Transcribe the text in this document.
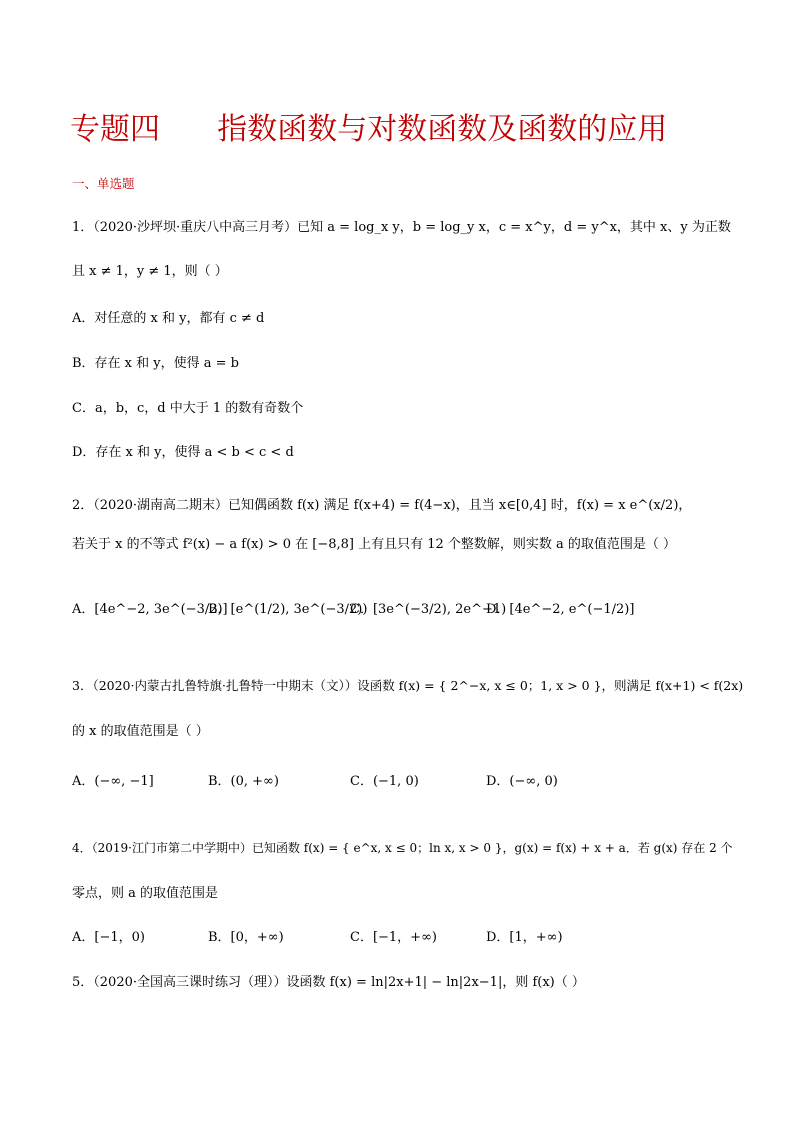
专题四      指数函数与对数函数及函数的应用
一、单选题
1．（2020·沙坪坝·重庆八中高三月考）已知 a = log_x y，b = log_y x，c = x^y，d = y^x，其中 x、y 为正数
且 x ≠ 1，y ≠ 1，则（ ）
A．对任意的 x 和 y，都有 c ≠ d
B．存在 x 和 y，使得 a = b
C．a，b，c，d 中大于 1 的数有奇数个
D．存在 x 和 y，使得 a < b < c < d
2．（2020·湖南高二期末）已知偶函数 f(x) 满足 f(x+4) = f(4−x)，且当 x∈[0,4] 时，f(x) = x e^(x/2)，
若关于 x 的不等式 f²(x) − a f(x) > 0 在 [−8,8] 上有且只有 12 个整数解，则实数 a 的取值范围是（ ）
A．[4e^−2, 3e^(−3/2)]
B．[e^(1/2), 3e^(−3/2))
C．[3e^(−3/2), 2e^−1)
D．[4e^−2, e^(−1/2)]
3．（2020·内蒙古扎鲁特旗·扎鲁特一中期末（文））设函数 f(x) = { 2^−x, x ≤ 0；1, x > 0 }，则满足 f(x+1) < f(2x)
的 x 的取值范围是（ ）
A．(−∞, −1]	B．(0, +∞)	C．(−1, 0)	D．(−∞, 0)
4．（2019·江门市第二中学期中）已知函数 f(x) = { e^x, x ≤ 0；ln x, x > 0 }，g(x) = f(x) + x + a．若 g(x) 存在 2 个
零点，则 a 的取值范围是
A．[−1，0)	B．[0，+∞)	C．[−1，+∞)	D．[1，+∞)
5．（2020·全国高三课时练习（理））设函数 f(x) = ln|2x+1| − ln|2x−1|，则 f(x)（ ）
